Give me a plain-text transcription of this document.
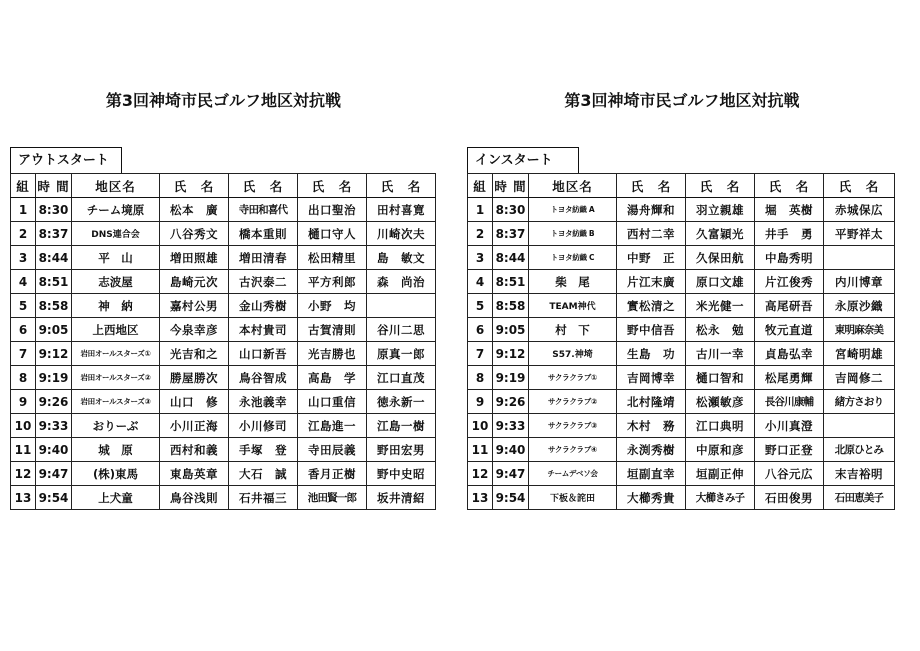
第3回神埼市民ゴルフ地区対抗戦
アウトスタート
組	時 間	地区名	氏　名	氏　名	氏　名	氏　名
1	8:30	チーム境原	松本　廣	寺田和喜代	出口聖治	田村喜寛
2	8:37	DNS連合会	八谷秀文	橋本重則	樋口守人	川崎次夫
3	8:44	平　山	増田照雄	増田清春	松田精里	島　敏文
4	8:51	志波屋	島崎元次	古沢泰二	平方利郎	森　尚治
5	8:58	神　納	嘉村公男	金山秀樹	小野　均	
6	9:05	上西地区	今泉幸彦	本村貴司	古賀清則	谷川二思
7	9:12	岩田オールスターズ①	光吉和之	山口新吾	光吉勝也	原真一郎
8	9:19	岩田オールスターズ②	勝屋勝次	鳥谷智成	高島　学	江口直茂
9	9:26	岩田オールスターズ③	山口　修	永池義幸	山口重信	徳永新一
10	9:33	おりーぶ	小川正海	小川修司	江島進一	江島一樹
11	9:40	城　原	西村和義	手塚　登	寺田辰義	野田宏男
12	9:47	(株)東馬	東島英章	大石　誠	香月正樹	野中史昭
13	9:54	上犬童	鳥谷浅則	石井福三	池田賢一郎	坂井清紹
第3回神埼市民ゴルフ地区対抗戦
インスタート
組	時 間	地区名	氏　名	氏　名	氏　名	氏　名
1	8:30	トヨタ紡織 A	湯舟輝和	羽立親雄	堀　英樹	赤城保広
2	8:37	トヨタ紡織 B	西村二幸	久富穎光	井手　勇	平野祥太
3	8:44	トヨタ紡織 C	中野　正	久保田航	中島秀明	
4	8:51	柴　尾	片江末廣	原口文雄	片江俊秀	内川博章
5	8:58	TEAM神代	實松清之	米光健一	高尾研吾	永原沙織
6	9:05	村　下	野中信吾	松永　勉	牧元直道	東明麻奈美
7	9:12	S57.神埼	生島　功	古川一幸	貞島弘幸	宮崎明雄
8	9:19	サクラクラブ①	吉岡博幸	樋口智和	松尾勇輝	吉岡修二
9	9:26	サクラクラブ②	北村隆靖	松瀬敏彦	長谷川康輔	緒方さおり
10	9:33	サクラクラブ③	木村　務	江口典明	小川真澄	
11	9:40	サクラクラブ④	永渕秀樹	中原和彦	野口正登	北原ひとみ
12	9:47	チームデベソ会	垣副直幸	垣副正伸	八谷元広	末吉裕明
13	9:54	下板＆詫田	大櫛秀貴	大櫛きみ子	石田俊男	石田恵美子
